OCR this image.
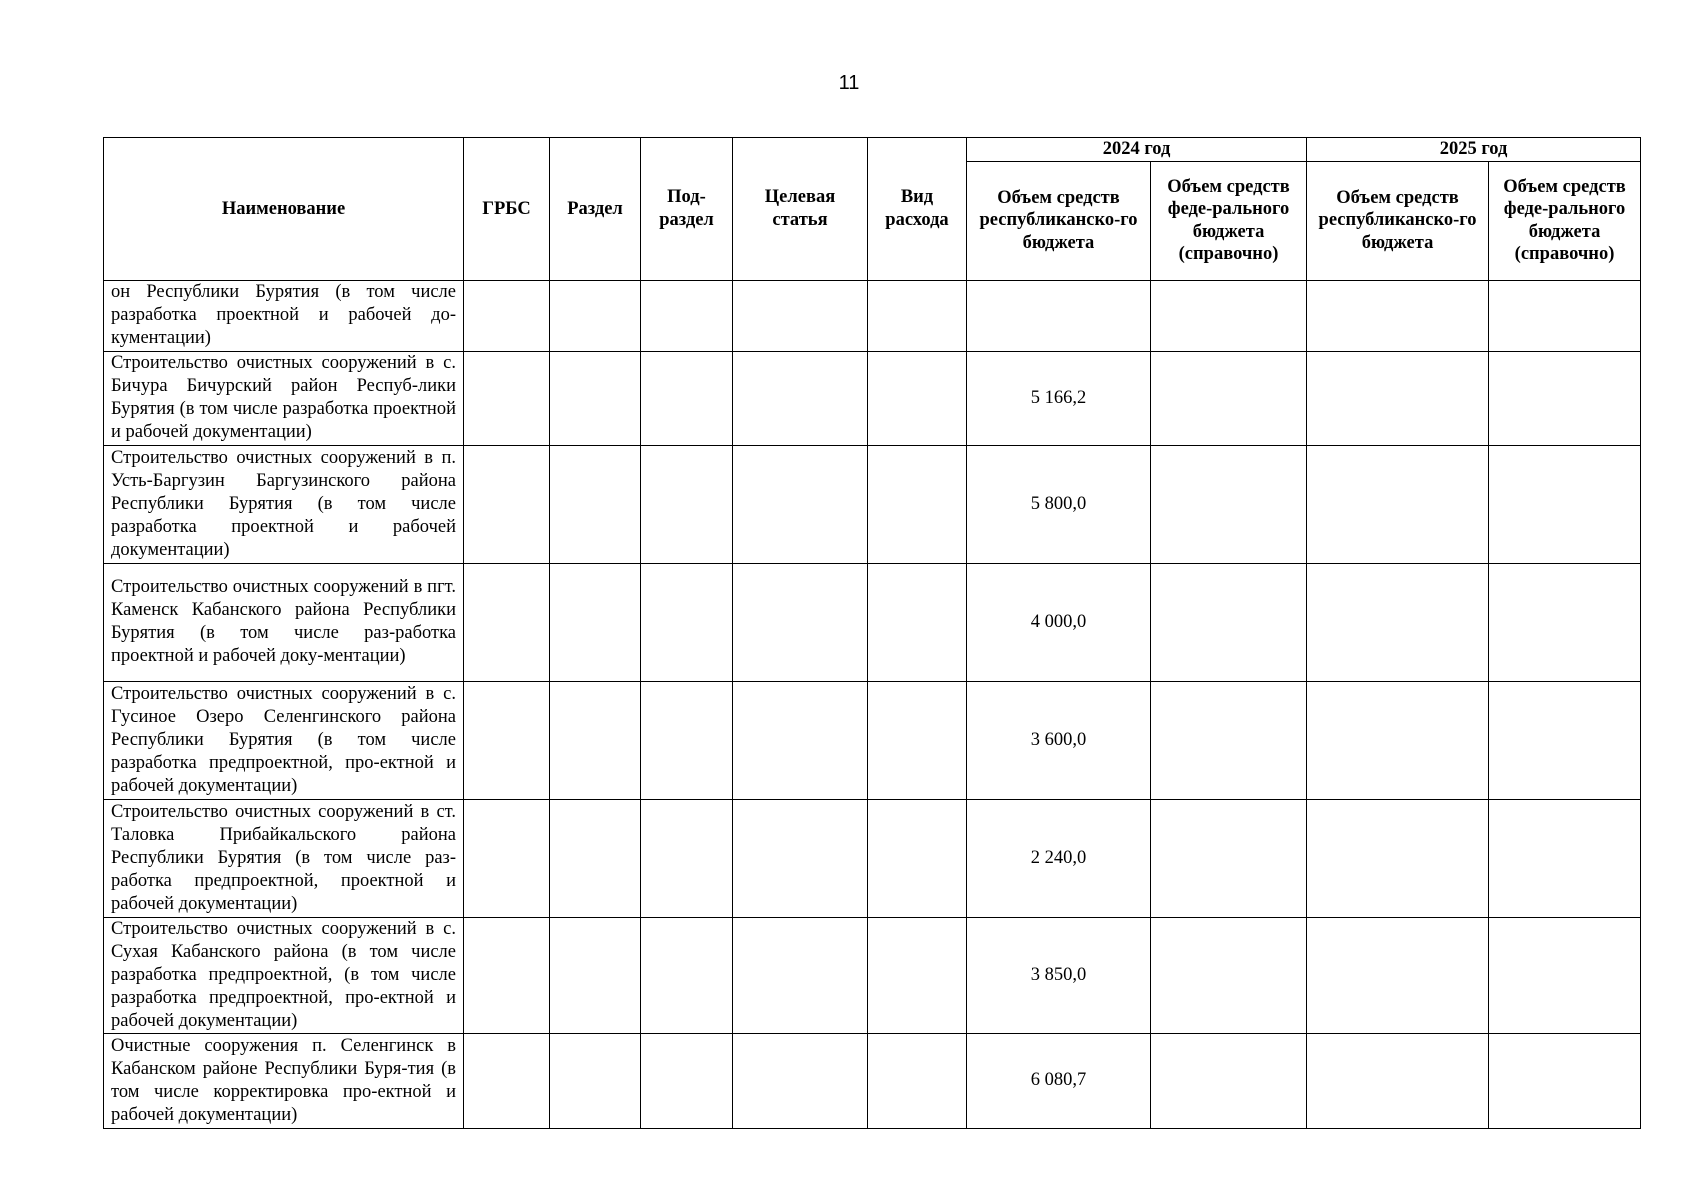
11
Наименование	ГРБС	Раздел	Под-раздел	Целевая статья	Вид расхода	2024 год		2025 год	
						Объем средств республиканско-го бюджета	Объем средств феде-рального бюджета (справочно)	Объем средств республиканско-го бюджета	Объем средств феде-рального бюджета (справочно)
он Республики Бурятия (в том числе разработка проектной и рабочей до-кументации)									
Строительство очистных сооружений в с. Бичура Бичурский район Респуб-лики Бурятия (в том числе разработка проектной и рабочей документации)						5 166,2			
Строительство очистных сооружений в п. Усть-Баргузин Баргузинского района Республики Бурятия (в том числе разработка проектной и рабочей документации)						5 800,0			
Строительство очистных сооружений в пгт. Каменск Кабанского района Республики Бурятия (в том числе раз-работка проектной и рабочей доку-ментации)						4 000,0			
Строительство очистных сооружений в с. Гусиное Озеро Селенгинского района Республики Бурятия (в том числе разработка предпроектной, про-ектной и рабочей документации)						3 600,0			
Строительство очистных сооружений в ст. Таловка Прибайкальского района Республики Бурятия (в том числе раз-работка предпроектной, проектной и рабочей документации)						2 240,0			
Строительство очистных сооружений в с. Сухая Кабанского района (в том числе разработка предпроектной, (в том числе разработка предпроектной, про-ектной и рабочей документации)						3 850,0			
Очистные сооружения п. Селенгинск в Кабанском районе Республики Буря-тия (в том числе корректировка про-ектной и рабочей документации)						6 080,7			
